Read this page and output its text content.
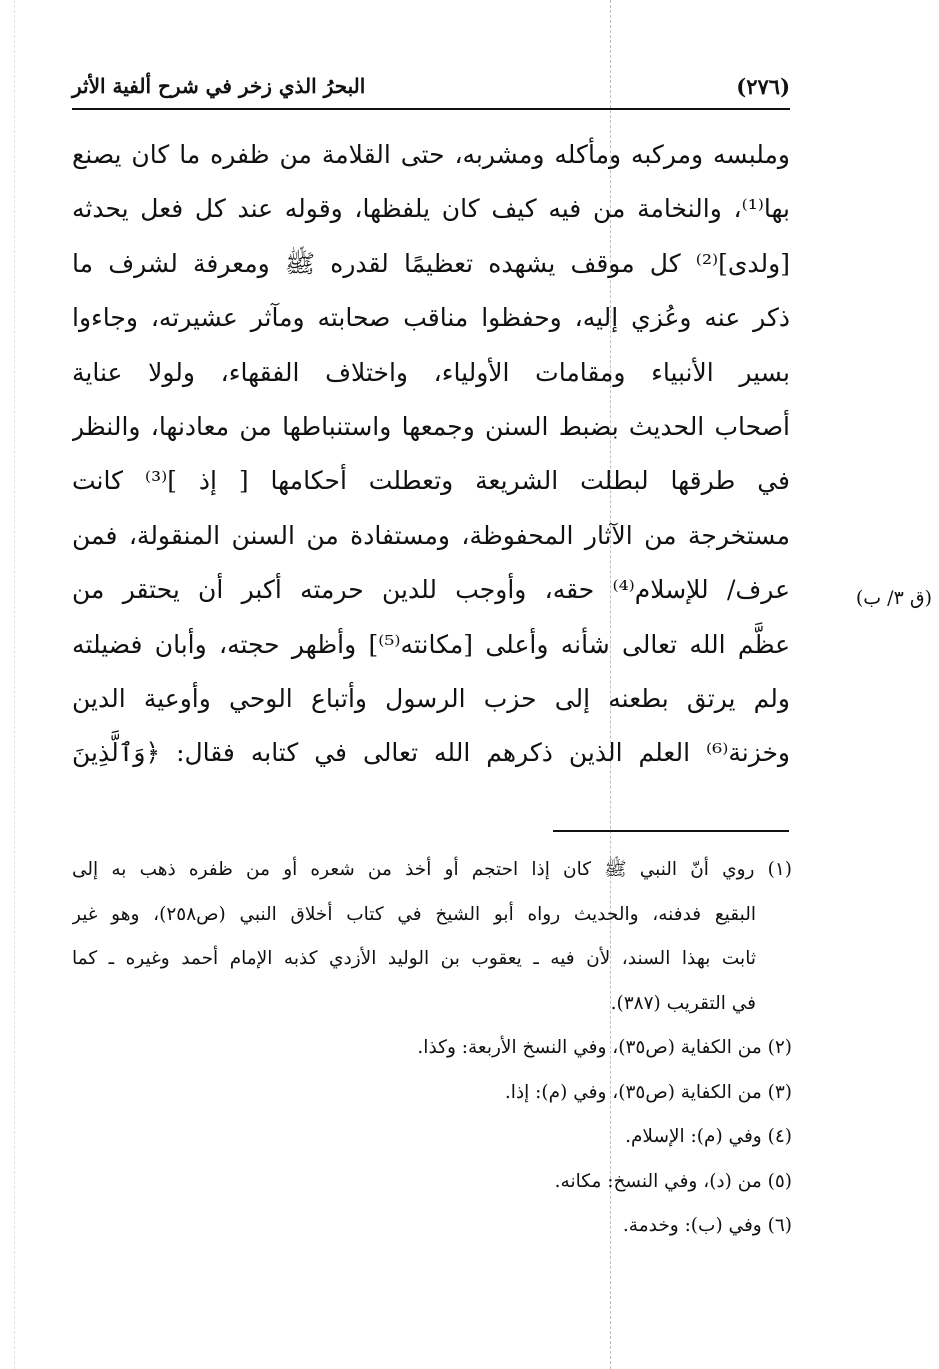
(٢٧٦)
البحرُ الذي زخر في شرح ألفية الأثر
(ق ٣/ ب)
وملبسه ومركبه ومأكله ومشربه، حتى القلامة من ظفره ما كان يصنع
بها⁽¹⁾، والنخامة من فيه كيف كان يلفظها، وقوله عند كل فعل يحدثه
[ولدى]⁽²⁾ كل موقف يشهده تعظيمًا لقدره ﷺ ومعرفة لشرف ما
ذكر عنه وعُزي إليه، وحفظوا مناقب صحابته ومآثر عشيرته، وجاءوا
بسير الأنبياء ومقامات الأولياء، واختلاف الفقهاء، ولولا عناية
أصحاب الحديث بضبط السنن وجمعها واستنباطها من معادنها، والنظر
في طرقها لبطلت الشريعة وتعطلت أحكامها [ إذ ]⁽³⁾ كانت
مستخرجة من الآثار المحفوظة، ومستفادة من السنن المنقولة، فمن
عرف/ للإسلام⁽⁴⁾ حقه، وأوجب للدين حرمته أكبر أن يحتقر من
عظَّم الله تعالى شأنه وأعلى [مكانته⁽⁵⁾] وأظهر حجته، وأبان فضيلته
ولم يرتق بطعنه إلى حزب الرسول وأتباع الوحي وأوعية الدين
وخزنة⁽⁶⁾ العلم الذين ذكرهم الله تعالى في كتابه فقال: ﴿وَٱلَّذِينَ
(١) روي أنّ النبي ﷺ كان إذا احتجم أو أخذ من شعره أو من ظفره ذهب به إلى
البقيع فدفنه، والحديث رواه أبو الشيخ في كتاب أخلاق النبي (ص٢٥٨)، وهو غير
ثابت بهذا السند، لأن فيه ـ يعقوب بن الوليد الأزدي كذبه الإمام أحمد وغيره ـ كما
في التقريب (٣٨٧).
(٢) من الكفاية (ص٣٥)، وفي النسخ الأربعة: وكذا.
(٣) من الكفاية (ص٣٥)، وفي (م): إذا.
(٤) وفي (م): الإسلام.
(٥) من (د)، وفي النسخ: مكانه.
(٦) وفي (ب): وخدمة.
